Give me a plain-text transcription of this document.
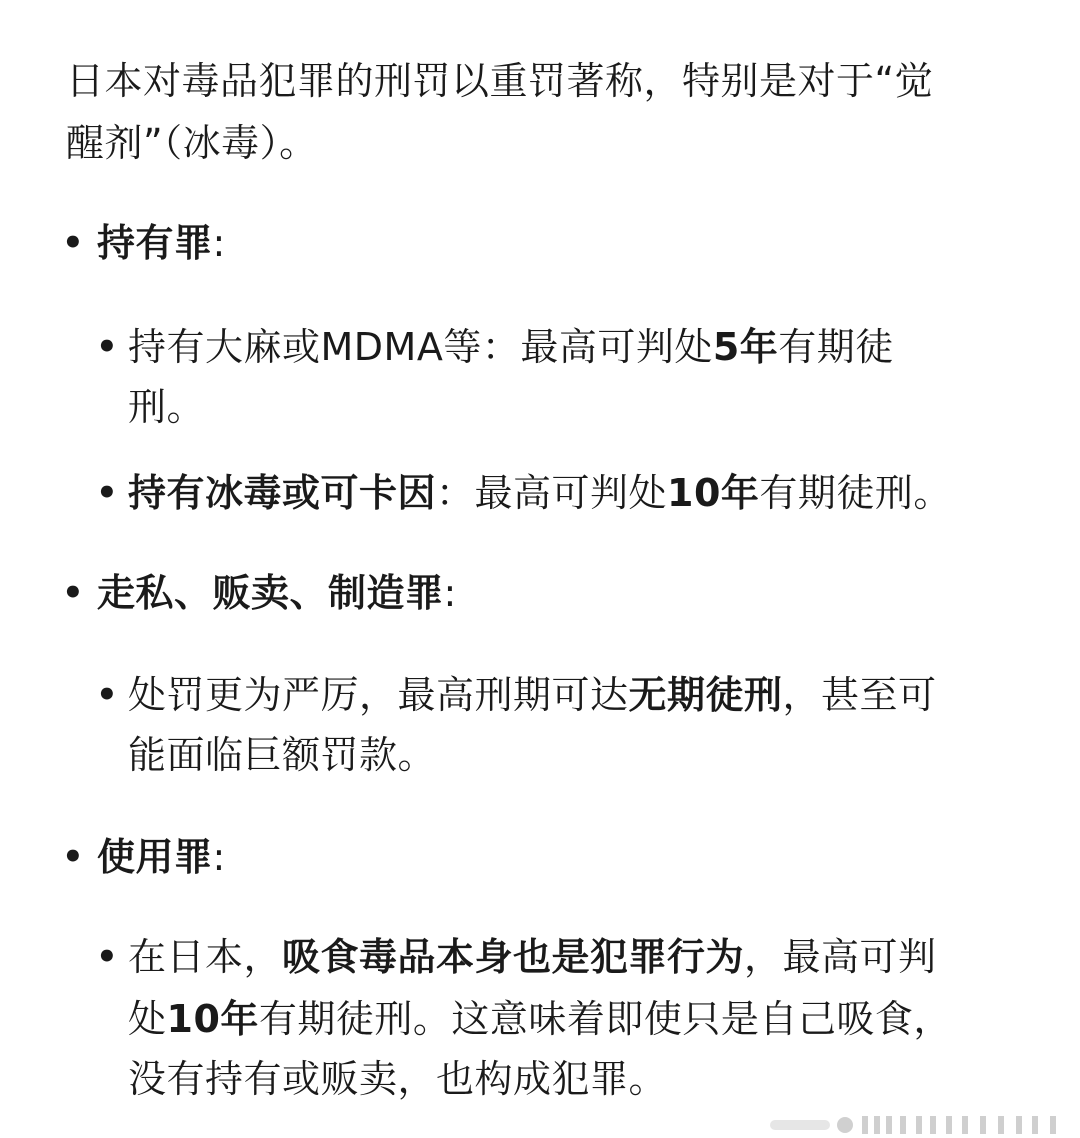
日本对毒品犯罪的刑罚以重罚著称，特别是对于“觉
醒剂”（冰毒）。
• 持有罪:
• 持有大麻或MDMA等：最高可判处5年有期徒
刑。
• 持有冰毒或可卡因：最高可判处10年有期徒刑。
• 走私、贩卖、制造罪:
• 处罚更为严厉，最高刑期可达无期徒刑，甚至可
能面临巨额罚款。
• 使用罪:
• 在日本，吸食毒品本身也是犯罪行为，最高可判
处10年有期徒刑。这意味着即使只是自己吸食，
没有持有或贩卖，也构成犯罪。
